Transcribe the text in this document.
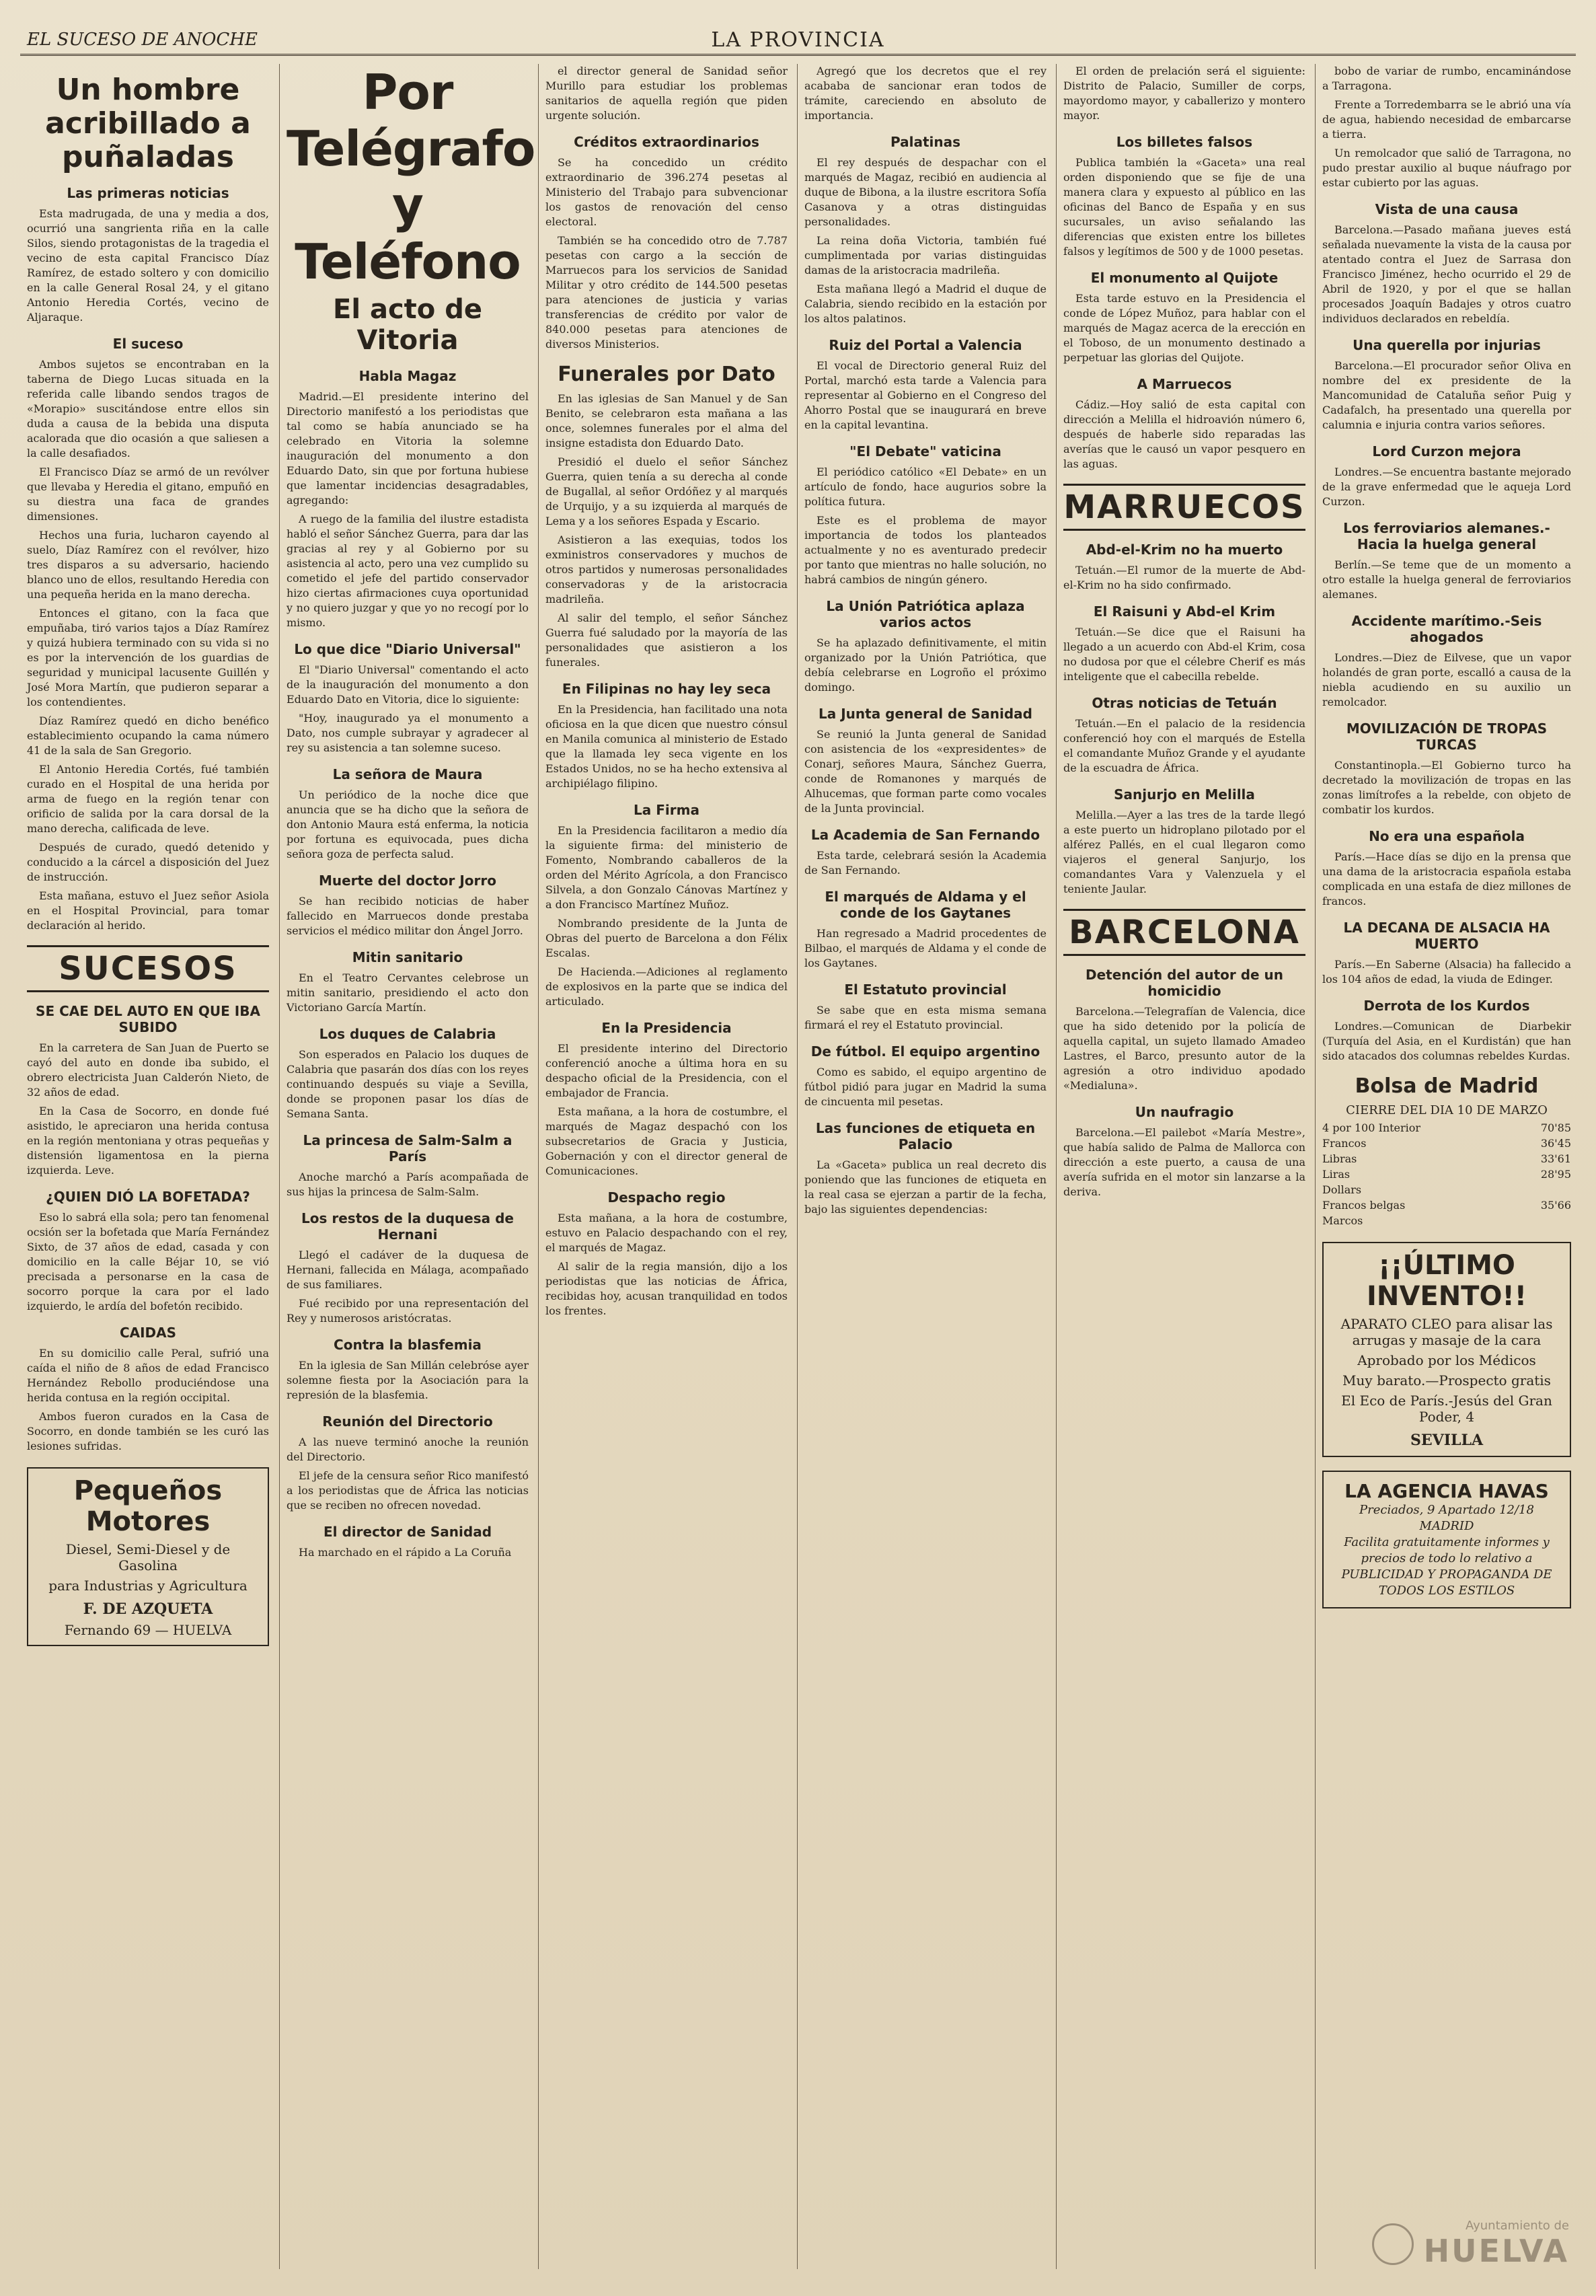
EL SUCESO DE ANOCHE	LA PROVINCIA
Un hombre acribillado a puñaladas
Las primeras noticias

Esta madrugada, de una y media a dos, ocurrió una sangrienta riña en la calle Silos, siendo protagonistas de la tragedia el vecino de esta capital Francisco Díaz Ramírez, de estado soltero y con domicilio en la calle General Rosal 24, y el gitano Antonio Heredia Cortés, vecino de Aljaraque.

El suceso

Ambos sujetos se encontraban en la taberna de Diego Lucas situada en la referida calle libando sendos tragos de «Morapio» suscitándose entre ellos sin duda a causa de la bebida una disputa acalorada que dio ocasión a que saliesen a la calle desafiados.

El Francisco Díaz se armó de un revólver que llevaba y Heredia el gitano, empuñó en su diestra una faca de grandes dimensiones.

Hechos una furia, lucharon cayendo al suelo, Díaz Ramírez con el revólver, hizo tres disparos a su adversario, haciendo blanco uno de ellos, resultando Heredia con una pequeña herida en la mano derecha.

Entonces el gitano, con la faca que empuñaba, tiró varios tajos a Díaz Ramírez y quizá hubiera terminado con su vida si no es por la intervención de los guardias de seguridad y municipal lacusente Guillén y José Mora Martín, que pudieron separar a los contendientes.

Díaz Ramírez quedó en dicho benéfico establecimiento ocupando la cama número 41 de la sala de San Gregorio.

El Antonio Heredia Cortés, fué también curado en el Hospital de una herida por arma de fuego en la región tenar con orificio de salida por la cara dorsal de la mano derecha, calificada de leve.

Después de curado, quedó detenido y conducido a la cárcel a disposición del Juez de instrucción.

Esta mañana, estuvo el Juez señor Asiola en el Hospital Provincial, para tomar declaración al herido.

SUCESOS
SE CAE DEL AUTO EN QUE IBA SUBIDO

En la carretera de San Juan de Puerto se cayó del auto en donde iba subido, el obrero electricista Juan Calderón Nieto, de 32 años de edad.

En la Casa de Socorro, en donde fué asistido, le apreciaron una herida contusa en la región mentoniana y otras pequeñas y distensión ligamentosa en la pierna izquierda. Leve.

¿QUIEN DIÓ LA BOFETADA?

Eso lo sabrá ella sola; pero tan fenomenal ocsión ser la bofetada que María Fernández Sixto, de 37 años de edad, casada y con domicilio en la calle Béjar 10, se vió precisada a personarse en la casa de socorro porque la cara por el lado izquierdo, le ardía del bofetón recibido.

CAIDAS

En su domicilio calle Peral, sufrió una caída el niño de 8 años de edad Francisco Hernández Rebollo produciéndose una herida contusa en la región occipital.

Ambos fueron curados en la Casa de Socorro, en donde también se les curó las lesiones sufridas.

Pequeños Motores
Diesel, Semi-Diesel y de Gasolina
para Industrias y Agricultura
F. DE AZQUETA
Fernando 69 — HUELVA
Por Telégrafo y Teléfono
El acto de Vitoria
Habla Magaz

Madrid.—El presidente interino del Directorio manifestó a los periodistas que tal como se había anunciado se ha celebrado en Vitoria la solemne inauguración del monumento a don Eduardo Dato, sin que por fortuna hubiese que lamentar incidencias desagradables, agregando:

A ruego de la familia del ilustre estadista habló el señor Sánchez Guerra, para dar las gracias al rey y al Gobierno por su asistencia al acto, pero una vez cumplido su cometido el jefe del partido conservador hizo ciertas afirmaciones cuya oportunidad y no quiero juzgar y que yo no recogí por lo mismo.

Lo que dice "Diario Universal"

El "Diario Universal" comentando el acto de la inauguración del monumento a don Eduardo Dato en Vitoria, dice lo siguiente:

"Hoy, inaugurado ya el monumento a Dato, nos cumple subrayar y agradecer al rey su asistencia a tan solemne suceso.

La señora de Maura

Un periódico de la noche dice que anuncia que se ha dicho que la señora de don Antonio Maura está enferma, la noticia por fortuna es equivocada, pues dicha señora goza de perfecta salud.

Muerte del doctor Jorro

Se han recibido noticias de haber fallecido en Marruecos donde prestaba servicios el médico militar don Ángel Jorro.

Mitin sanitario

En el Teatro Cervantes celebrose un mitin sanitario, presidiendo el acto don Victoriano García Martín.

Los duques de Calabria

Son esperados en Palacio los duques de Calabria que pasarán dos días con los reyes continuando después su viaje a Sevilla, donde se proponen pasar los días de Semana Santa.

La princesa de Salm-Salm a París

Anoche marchó a París acompañada de sus hijas la princesa de Salm-Salm.

Los restos de la duquesa de Hernani

Llegó el cadáver de la duquesa de Hernani, fallecida en Málaga, acompañado de sus familiares.

Fué recibido por una representación del Rey y numerosos aristócratas.

Contra la blasfemia

En la iglesia de San Millán celebróse ayer solemne fiesta por la Asociación para la represión de la blasfemia.

Reunión del Directorio

A las nueve terminó anoche la reunión del Directorio.

El jefe de la censura señor Rico manifestó a los periodistas que de África las noticias que se reciben no ofrecen novedad.

El director de Sanidad

Ha marchado en el rápido a La Coruña

el director general de Sanidad señor Murillo para estudiar los problemas sanitarios de aquella región que piden urgente solución.

Créditos extraordinarios

Se ha concedido un crédito extraordinario de 396.274 pesetas al Ministerio del Trabajo para subvencionar los gastos de renovación del censo electoral.

También se ha concedido otro de 7.787 pesetas con cargo a la sección de Marruecos para los servicios de Sanidad Militar y otro crédito de 144.500 pesetas para atenciones de justicia y varias transferencias de crédito por valor de 840.000 pesetas para atenciones de diversos Ministerios.

Funerales por Dato

En las iglesias de San Manuel y de San Benito, se celebraron esta mañana a las once, solemnes funerales por el alma del insigne estadista don Eduardo Dato.

Presidió el duelo el señor Sánchez Guerra, quien tenía a su derecha al conde de Bugallal, al señor Ordóñez y al marqués de Urquijo, y a su izquierda al marqués de Lema y a los señores Espada y Escario.

Asistieron a las exequias, todos los exministros conservadores y muchos de otros partidos y numerosas personalidades conservadoras y de la aristocracia madrileña.

Al salir del templo, el señor Sánchez Guerra fué saludado por la mayoría de las personalidades que asistieron a los funerales.

En Filipinas no hay ley seca

En la Presidencia, han facilitado una nota oficiosa en la que dicen que nuestro cónsul en Manila comunica al ministerio de Estado que la llamada ley seca vigente en los Estados Unidos, no se ha hecho extensiva al archipiélago filipino.

La Firma

En la Presidencia facilitaron a medio día la siguiente firma: del ministerio de Fomento, Nombrando caballeros de la orden del Mérito Agrícola, a don Francisco Silvela, a don Gonzalo Cánovas Martínez y a don Francisco Martínez Muñoz.

Nombrando presidente de la Junta de Obras del puerto de Barcelona a don Félix Escalas.

De Hacienda.—Adiciones al reglamento de explosivos en la parte que se indica del articulado.

En la Presidencia

El presidente interino del Directorio conferenció anoche a última hora en su despacho oficial de la Presidencia, con el embajador de Francia.

Esta mañana, a la hora de costumbre, el marqués de Magaz despachó con los subsecretarios de Gracia y Justicia, Gobernación y con el director general de Comunicaciones.

Despacho regio

Esta mañana, a la hora de costumbre, estuvo en Palacio despachando con el rey, el marqués de Magaz.

Al salir de la regia mansión, dijo a los periodistas que las noticias de África, recibidas hoy, acusan tranquilidad en todos los frentes.

Agregó que los decretos que el rey acababa de sancionar eran todos de trámite, careciendo en absoluto de importancia.

Palatinas

El rey después de despachar con el marqués de Magaz, recibió en audiencia al duque de Bibona, a la ilustre escritora Sofía Casanova y a otras distinguidas personalidades.

La reina doña Victoria, también fué cumplimentada por varias distinguidas damas de la aristocracia madrileña.

Esta mañana llegó a Madrid el duque de Calabria, siendo recibido en la estación por los altos palatinos.

Ruiz del Portal a Valencia

El vocal de Directorio general Ruiz del Portal, marchó esta tarde a Valencia para representar al Gobierno en el Congreso del Ahorro Postal que se inaugurará en breve en la capital levantina.

"El Debate" vaticina

El periódico católico «El Debate» en un artículo de fondo, hace augurios sobre la política futura.

Este es el problema de mayor importancia de todos los planteados actualmente y no es aventurado predecir por tanto que mientras no halle solución, no habrá cambios de ningún género.

La Unión Patriótica aplaza varios actos

Se ha aplazado definitivamente, el mitin organizado por la Unión Patriótica, que debía celebrarse en Logroño el próximo domingo.

La Junta general de Sanidad

Se reunió la Junta general de Sanidad con asistencia de los «expresidentes» de Conarj, señores Maura, Sánchez Guerra, conde de Romanones y marqués de Alhucemas, que forman parte como vocales de la Junta provincial.

La Academia de San Fernando

Esta tarde, celebrará sesión la Academia de San Fernando.

El marqués de Aldama y el conde de los Gaytanes

Han regresado a Madrid procedentes de Bilbao, el marqués de Aldama y el conde de los Gaytanes.

El Estatuto provincial

Se sabe que en esta misma semana firmará el rey el Estatuto provincial.

De fútbol. El equipo argentino

Como es sabido, el equipo argentino de fútbol pidió para jugar en Madrid la suma de cincuenta mil pesetas.

Las funciones de etiqueta en Palacio

La «Gaceta» publica un real decreto dis poniendo que las funciones de etiqueta en la real casa se ejerzan a partir de la fecha, bajo las siguientes dependencias:

El orden de prelación será el siguiente: Distrito de Palacio, Sumiller de corps, mayordomo mayor, y caballerizo y montero mayor.

Los billetes falsos

Publica también la «Gaceta» una real orden disponiendo que se fije de una manera clara y expuesto al público en las oficinas del Banco de España y en sus sucursales, un aviso señalando las diferencias que existen entre los billetes falsos y legítimos de 500 y de 1000 pesetas.

El monumento al Quijote

Esta tarde estuvo en la Presidencia el conde de López Muñoz, para hablar con el marqués de Magaz acerca de la erección en el Toboso, de un monumento destinado a perpetuar las glorias del Quijote.

A Marruecos

Cádiz.—Hoy salió de esta capital con dirección a Melilla el hidroavión número 6, después de haberle sido reparadas las averías que le causó un vapor pesquero en las aguas.

MARRUECOS
Abd-el-Krim no ha muerto

Tetuán.—El rumor de la muerte de Abd-el-Krim no ha sido confirmado.

El Raisuni y Abd-el Krim

Tetuán.—Se dice que el Raisuni ha llegado a un acuerdo con Abd-el Krim, cosa no dudosa por que el célebre Cherif es más inteligente que el cabecilla rebelde.

Otras noticias de Tetuán

Tetuán.—En el palacio de la residencia conferenció hoy con el marqués de Estella el comandante Muñoz Grande y el ayudante de la escuadra de África.

Sanjurjo en Melilla

Melilla.—Ayer a las tres de la tarde llegó a este puerto un hidroplano pilotado por el alférez Pallés, en el cual llegaron como viajeros el general Sanjurjo, los comandantes Vara y Valenzuela y el teniente Jaular.

BARCELONA
Detención del autor de un homicidio

Barcelona.—Telegrafían de Valencia, dice que ha sido detenido por la policía de aquella capital, un sujeto llamado Amadeo Lastres, el Barco, presunto autor de la agresión a otro individuo apodado «Medialuna».

Un naufragio

Barcelona.—El pailebot «María Mestre», que había salido de Palma de Mallorca con dirección a este puerto, a causa de una avería sufrida en el motor sin lanzarse a la deriva.

bobo de variar de rumbo, encaminándose a Tarragona.

Frente a Torredembarra se le abrió una vía de agua, habiendo necesidad de embarcarse a tierra.

Un remolcador que salió de Tarragona, no pudo prestar auxilio al buque náufrago por estar cubierto por las aguas.

Vista de una causa

Barcelona.—Pasado mañana jueves está señalada nuevamente la vista de la causa por atentado contra el Juez de Sarrasa don Francisco Jiménez, hecho ocurrido el 29 de Abril de 1920, y por el que se hallan procesados Joaquín Badajes y otros cuatro individuos declarados en rebeldía.

Una querella por injurias

Barcelona.—El procurador señor Oliva en nombre del ex presidente de la Mancomunidad de Cataluña señor Puig y Cadafalch, ha presentado una querella por calumnia e injuria contra varios señores.

Lord Curzon mejora

Londres.—Se encuentra bastante mejorado de la grave enfermedad que le aqueja Lord Curzon.

Los ferroviarios alemanes.-Hacia la huelga general

Berlín.—Se teme que de un momento a otro estalle la huelga general de ferroviarios alemanes.

Accidente marítimo.-Seis ahogados

Londres.—Diez de Eilvese, que un vapor holandés de gran porte, escalló a causa de la niebla acudiendo en su auxilio un remolcador.

MOVILIZACIÓN DE TROPAS TURCAS

Constantinopla.—El Gobierno turco ha decretado la movilización de tropas en las zonas limítrofes a la rebelde, con objeto de combatir los kurdos.

No era una española

París.—Hace días se dijo en la prensa que una dama de la aristocracia española estaba complicada en una estafa de diez millones de francos.

LA DECANA DE ALSACIA HA MUERTO

París.—En Saberne (Alsacia) ha fallecido a los 104 años de edad, la viuda de Edinger.

Derrota de los Kurdos

Londres.—Comunican de Diarbekir (Turquía del Asia, en el Kurdistán) que han sido atacados dos columnas rebeldes Kurdas.

Bolsa de Madrid
CIERRE DEL DIA 10 DE MARZO
4 por 100 Interior	70'85
Francos	36'45
Libras	33'61
Liras	28'95
Dollars	
Francos belgas	35'66
Marcos	
¡¡ÚLTIMO INVENTO!!
APARATO CLEO para alisar las arrugas y masaje de la cara
Aprobado por los Médicos
Muy barato.—Prospecto gratis
El Eco de París.-Jesús del Gran Poder, 4
SEVILLA
LA AGENCIA HAVAS
Preciados, 9 Apartado 12/18
MADRID
Facilita gratuitamente informes y precios de todo lo relativo a
PUBLICIDAD Y PROPAGANDA DE TODOS LOS ESTILOS

Ayuntamiento de
HUELVA
